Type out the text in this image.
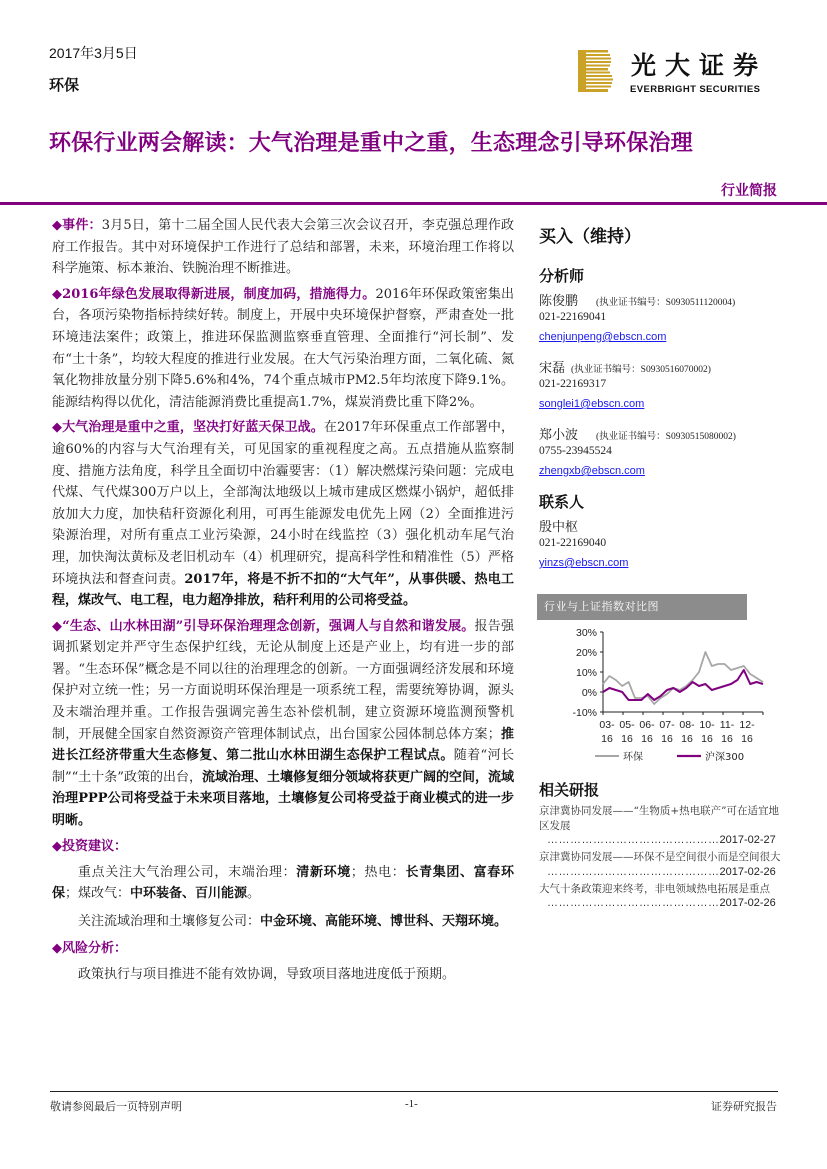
2017年3月5日
环保
光大证券
EVERBRIGHT SECURITIES
环保行业两会解读：大气治理是重中之重，生态理念引导环保治理
行业简报

◆事件：3月5日，第十二届全国人民代表大会第三次会议召开，李克强总理作政府工作报告。其中对环境保护工作进行了总结和部署，未来，环境治理工作将以科学施策、标本兼治、铁腕治理不断推进。

◆2016年绿色发展取得新进展，制度加码，措施得力。2016年环保政策密集出台，各项污染物指标持续好转。制度上，开展中央环境保护督察，严肃查处一批环境违法案件；政策上，推进环保监测监察垂直管理、全面推行“河长制”、发布“土十条”，均较大程度的推进行业发展。在大气污染治理方面，二氧化硫、氮氧化物排放量分别下降5.6%和4%，74个重点城市PM2.5年均浓度下降9.1%。能源结构得以优化，清洁能源消费比重提高1.7%，煤炭消费比重下降2%。

◆大气治理是重中之重，坚决打好蓝天保卫战。在2017年环保重点工作部署中，逾60%的内容与大气治理有关，可见国家的重视程度之高。五点措施从监察制度、措施方法角度，科学且全面切中治霾要害：（1）解决燃煤污染问题：完成电代煤、气代煤300万户以上，全部淘汰地级以上城市建成区燃煤小锅炉，超低排放加大力度，加快秸秆资源化利用，可再生能源发电优先上网（2）全面推进污染源治理，对所有重点工业污染源，24小时在线监控（3）强化机动车尾气治理，加快淘汰黄标及老旧机动车（4）机理研究，提高科学性和精准性（5）严格环境执法和督查问责。2017年，将是不折不扣的“大气年”，从事供暖、热电工程，煤改气、电工程，电力超净排放，秸秆利用的公司将受益。

◆“生态、山水林田湖”引导环保治理理念创新，强调人与自然和谐发展。报告强调抓紧划定并严守生态保护红线，无论从制度上还是产业上，均有进一步的部署。“生态环保”概念是不同以往的治理理念的创新。一方面强调经济发展和环境保护对立统一性；另一方面说明环保治理是一项系统工程，需要统筹协调，源头及末端治理并重。工作报告强调完善生态补偿机制，建立资源环境监测预警机制，开展健全国家自然资源资产管理体制试点，出台国家公园体制总体方案；推进长江经济带重大生态修复、第二批山水林田湖生态保护工程试点。随着“河长制”“土十条”政策的出台，流域治理、土壤修复细分领域将获更广阔的空间，流域治理PPP公司将受益于未来项目落地，土壤修复公司将受益于商业模式的进一步明晰。

◆投资建议：

重点关注大气治理公司，末端治理：清新环境；热电：长青集团、富春环保；煤改气：中环装备、百川能源。

关注流域治理和土壤修复公司：中金环境、高能环境、博世科、天翔环境。

◆风险分析：

政策执行与项目推进不能有效协调，导致项目落地进度低于预期。

买入（维持）
分析师
陈俊鹏 (执业证书编号：S0930511120004)
021-22169041
chenjunpeng@ebscn.com
宋磊 (执业证书编号：S0930516070002)
021-22169317
songlei1@ebscn.com
郑小波 (执业证书编号：S0930515080002)
0755-23945524
zhengxb@ebscn.com
联系人
殷中枢
021-22169040
yinzs@ebscn.com
行业与上证指数对比图
30%
20%
10%
0%
-10%
03-
16
05-
16
06-
16
07-
16
08-
16
10-
16
11-
16
12-
16
环保	沪深300
相关研报
京津冀协同发展——“生物质+热电联产”可在适宜地区发展
………………………………………2017-02-27
京津冀协同发展——环保不是空间很小而是空间很大
………………………………………2017-02-26
大气十条政策迎来终考，非电领域热电拓展是重点
………………………………………2017-02-26
敬请参阅最后一页特别声明	-1-	证券研究报告
